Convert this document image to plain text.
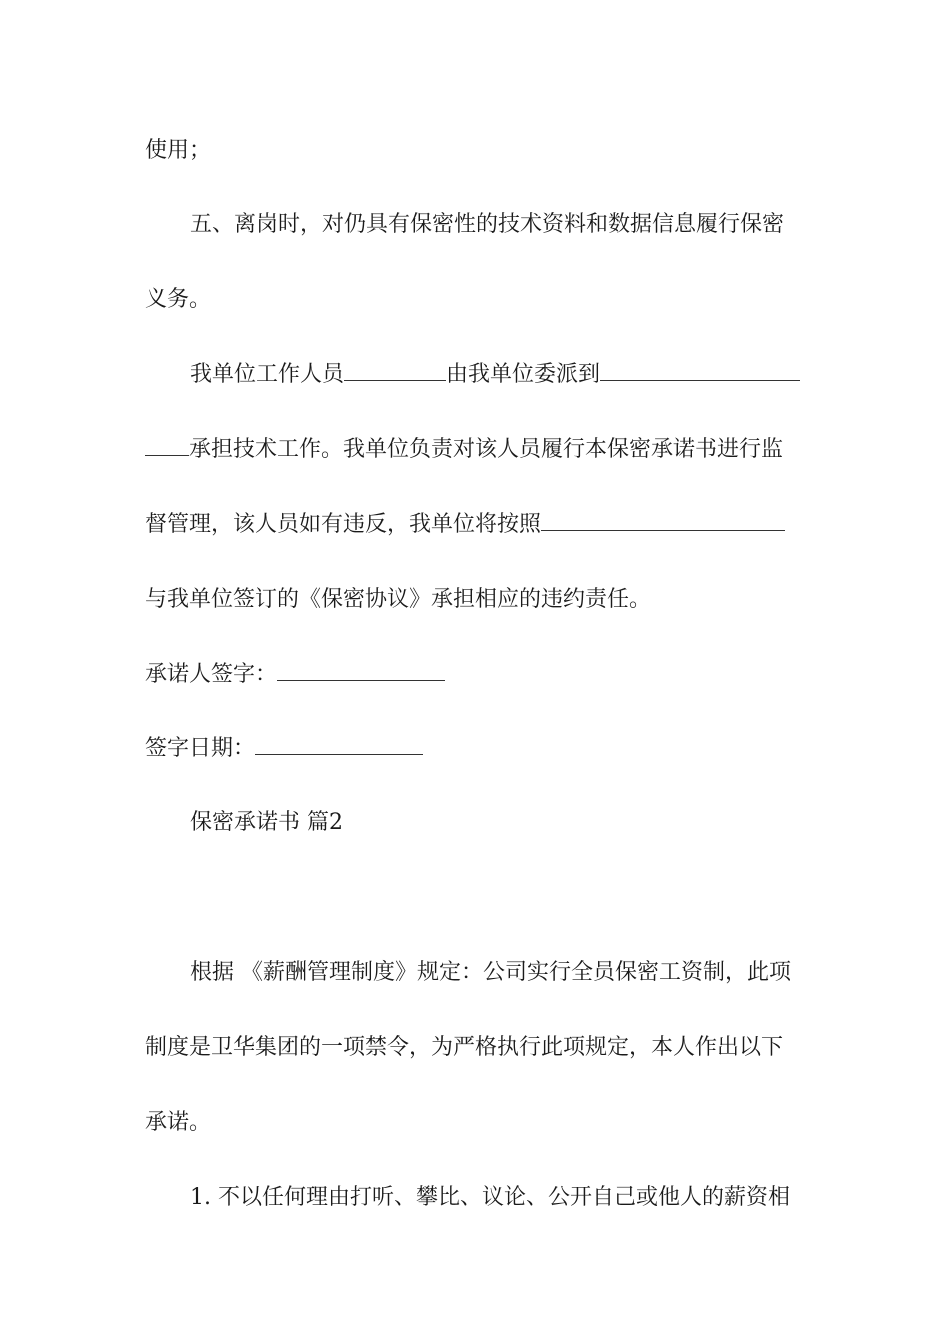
使用；
五、离岗时，对仍具有保密性的技术资料和数据信息履行保密
义务。
我单位工作人员	由我单位委派到
承担技术工作。我单位负责对该人员履行本保密承诺书进行监
督管理，该人员如有违反，我单位将按照
与我单位签订的《保密协议》承担相应的违约责任。
承诺人签字：
签字日期：
保密承诺书 篇2
根据 《薪酬管理制度》规定：公司实行全员保密工资制，此项
制度是卫华集团的一项禁令，为严格执行此项规定，本人作出以下
承诺。
1. 不以任何理由打听、攀比、议论、公开自己或他人的薪资相
